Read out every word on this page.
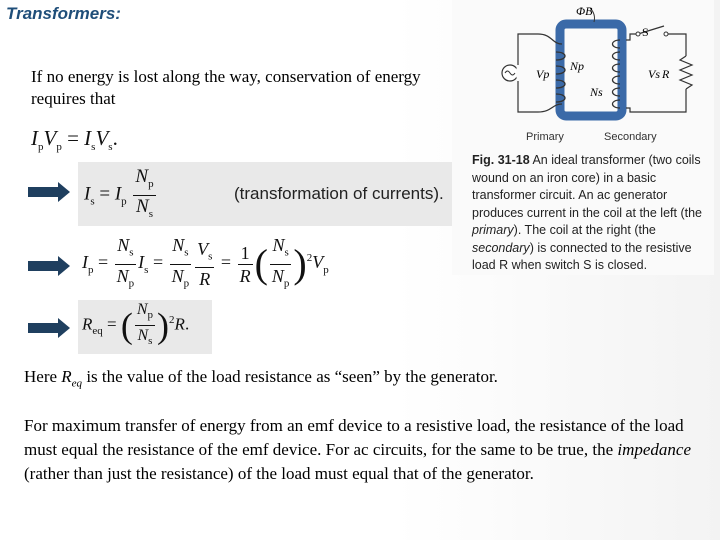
Transformers:
If no energy is lost along the way, conservation of energy requires that
$I_pV_p = I_sV_s$.
$I_s = I_p \frac{N_p}{N_s}$	(transformation of currents).
$I_p = \frac{N_s}{N_p} I_s = \frac{N_s}{N_p} \frac{V_s}{R} = \frac{1}{R}$ ( $\frac{N_s}{N_p} )^2V_p$
$R_{eq}$ = ( $\frac{N_p}{N_s} )^2R$.
Here $R_{eq}$ is the value of the load resistance as “seen” by the generator.
For maximum transfer of energy from an emf device to a resistive load, the resistance of the load must equal the resistance of the emf device. For ac circuits, for the same to be true, the impedance (rather than just the resistance) of the load must equal that of the generator.
ΦB
S
Vp
Np
Vs
Ns
R
Primary	Secondary
Fig. 31-18 An ideal transformer (two coils wound on an iron core) in a basic transformer circuit. An ac generator produces current in the coil at the left (the primary). The coil at the right (the secondary) is connected to the resistive load R when switch S is closed.
